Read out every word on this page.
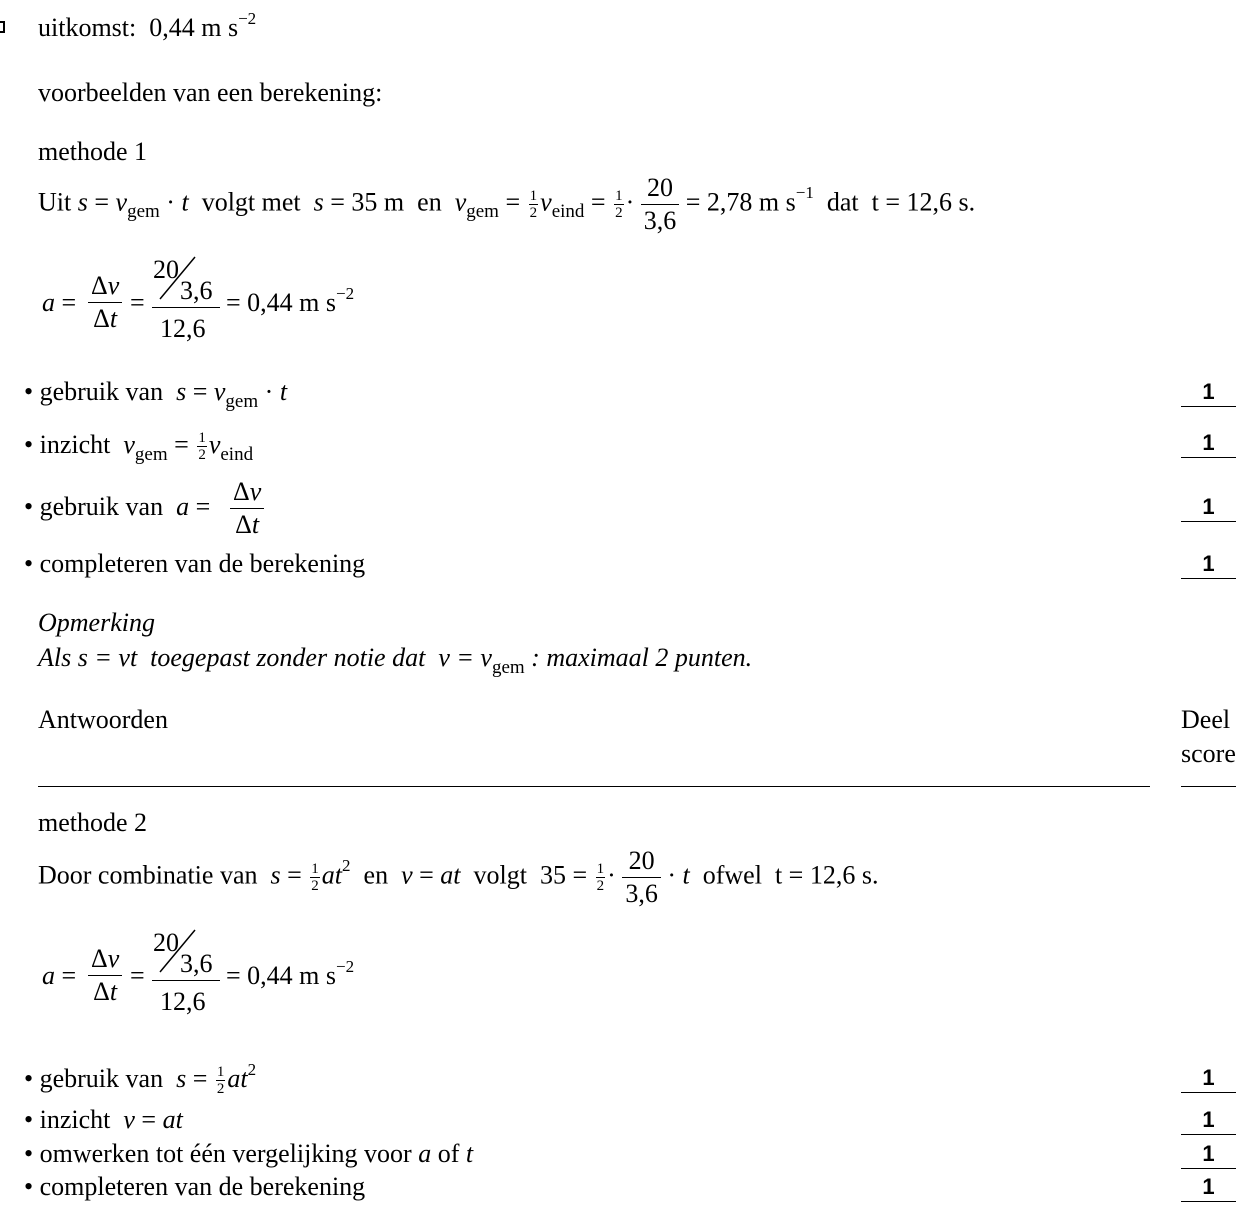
uitkomst: 0,44 m $s^{-2}$
voorbeelden van een berekening:
methode 1
Uit $s = v_{gem} \cdot t$ volgt met s = 35 m  en $v_{gem} = \frac{1}{2} v_{eind} = \frac{1}{2} \cdot \frac{20}{3,6} = 2,78$ m $s^{-1}$ dat t = 12,6 s.
$a = \frac{\Delta v}{\Delta t}$ =
20
3,6
12,6
= 0,44 m $s^{-2}$
• gebruik van $s = v_{gem} \cdot t$	1
• inzicht $v_{gem} = \frac{1}{2} v_{eind}$	1
• gebruik van $a = \frac{\Delta v}{\Delta t}$	1
• completeren van de berekening	1
Opmerking
Als s = vt  toegepast zonder notie dat  $v = v_{gem}$ : maximaal 2 punten.
Antwoorden	Deel
score
methode 2
Door combinatie van $s = \frac{1}{2} at^2$ en v = at volgt $35 = \frac{1}{2} \cdot \frac{20}{3,6} \cdot t$ ofwel t = 12,6 s.
$a = \frac{\Delta v}{\Delta t}$ =
20
3,6
12,6
= 0,44 m $s^{-2}$
• gebruik van $s = \frac{1}{2} at^2$	1
• inzicht v = at	1
• omwerken tot één vergelijking voor a of t	1
• completeren van de berekening	1
